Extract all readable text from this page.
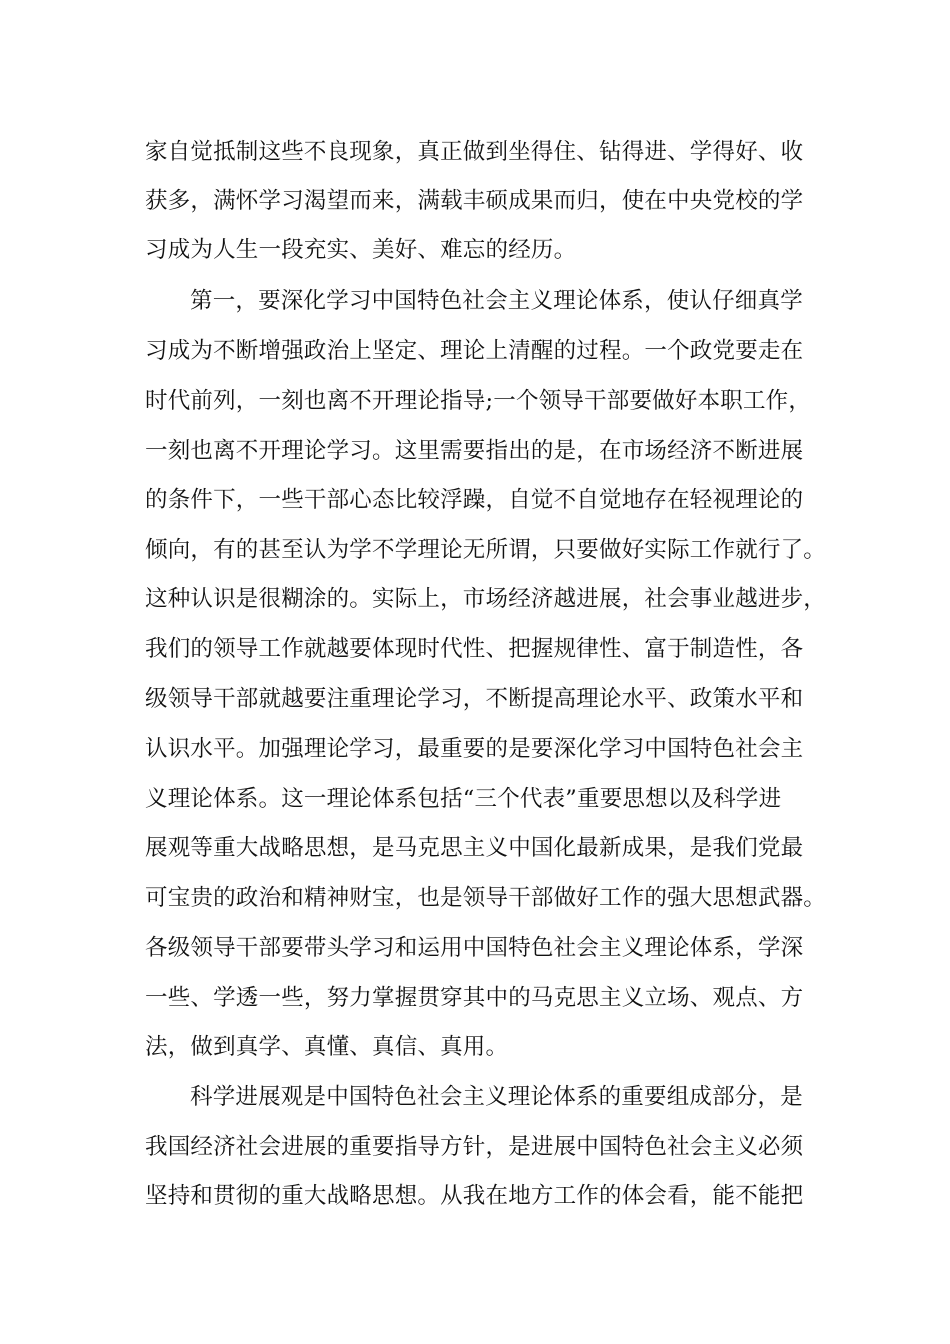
家自觉抵制这些不良现象，真正做到坐得住、钻得进、学得好、收
获多，满怀学习渴望而来，满载丰硕成果而归，使在中央党校的学
习成为人生一段充实、美好、难忘的经历。
第一，要深化学习中国特色社会主义理论体系，使认仔细真学
习成为不断增强政治上坚定、理论上清醒的过程。一个政党要走在
时代前列，一刻也离不开理论指导;一个领导干部要做好本职工作，
一刻也离不开理论学习。这里需要指出的是，在市场经济不断进展
的条件下，一些干部心态比较浮躁，自觉不自觉地存在轻视理论的
倾向，有的甚至认为学不学理论无所谓，只要做好实际工作就行了。
这种认识是很糊涂的。实际上，市场经济越进展，社会事业越进步，
我们的领导工作就越要体现时代性、把握规律性、富于制造性，各
级领导干部就越要注重理论学习，不断提高理论水平、政策水平和
认识水平。加强理论学习，最重要的是要深化学习中国特色社会主
义理论体系。这一理论体系包括“三个代表”重要思想以及科学进
展观等重大战略思想，是马克思主义中国化最新成果，是我们党最
可宝贵的政治和精神财宝，也是领导干部做好工作的强大思想武器。
各级领导干部要带头学习和运用中国特色社会主义理论体系，学深
一些、学透一些，努力掌握贯穿其中的马克思主义立场、观点、方
法，做到真学、真懂、真信、真用。
科学进展观是中国特色社会主义理论体系的重要组成部分，是
我国经济社会进展的重要指导方针，是进展中国特色社会主义必须
坚持和贯彻的重大战略思想。从我在地方工作的体会看，能不能把
